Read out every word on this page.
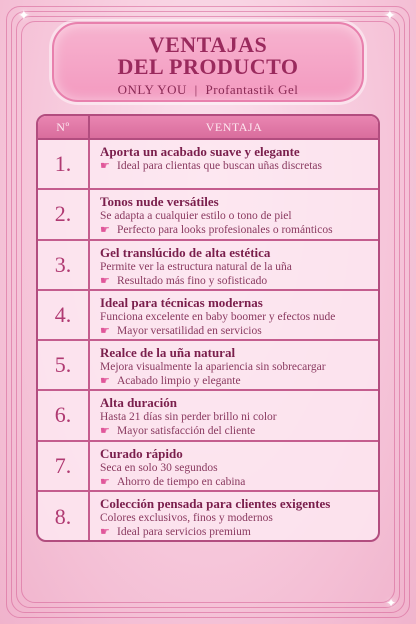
✦	✦
✦
VENTAJAS
DEL PRODUCTO
ONLY YOU | Profantastik Gel
Nº	VENTAJA
1.	Aporta un acabado suave y elegante
☛ Ideal para clientas que buscan uñas discretas
2.	Tonos nude versátiles
Se adapta a cualquier estilo o tono de piel
☛ Perfecto para looks profesionales o románticos
3.	Gel translúcido de alta estética
Permite ver la estructura natural de la uña
☛ Resultado más fino y sofisticado
4.	Ideal para técnicas modernas
Funciona excelente en baby boomer y efectos nude
☛ Mayor versatilidad en servicios
5.	Realce de la uña natural
Mejora visualmente la apariencia sin sobrecargar
☛ Acabado limpio y elegante
6.	Alta duración
Hasta 21 días sin perder brillo ni color
☛ Mayor satisfacción del cliente
7.	Curado rápido
Seca en solo 30 segundos
☛ Ahorro de tiempo en cabina
8.
Colección pensada para clientes exigentes
Colores exclusivos, finos y modernos
☛ Ideal para servicios premium
